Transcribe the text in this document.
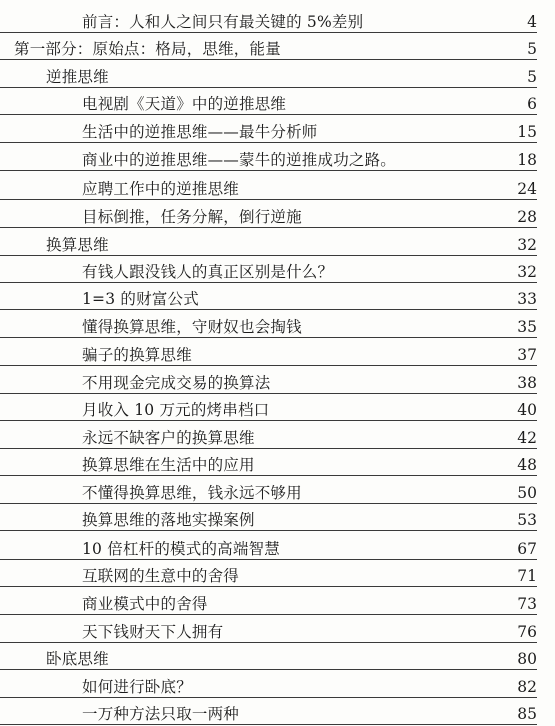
前言：人和人之间只有最关键的 5%差别	4
第一部分：原始点：格局，思维，能量	5
逆推思维	5
电视剧《天道》中的逆推思维	6
生活中的逆推思维——最牛分析师	15
商业中的逆推思维——蒙牛的逆推成功之路。	18
应聘工作中的逆推思维	24
目标倒推，任务分解，倒行逆施	28
换算思维	32
有钱人跟没钱人的真正区别是什么？	32
1=3 的财富公式	33
懂得换算思维，守财奴也会掏钱	35
骗子的换算思维	37
不用现金完成交易的换算法	38
月收入 10 万元的烤串档口	40
永远不缺客户的换算思维	42
换算思维在生活中的应用	48
不懂得换算思维，钱永远不够用	50
换算思维的落地实操案例	53
10 倍杠杆的模式的高端智慧	67
互联网的生意中的舍得	71
商业模式中的舍得	73
天下钱财天下人拥有	76
卧底思维	80
如何进行卧底？	82
一万种方法只取一两种	85
